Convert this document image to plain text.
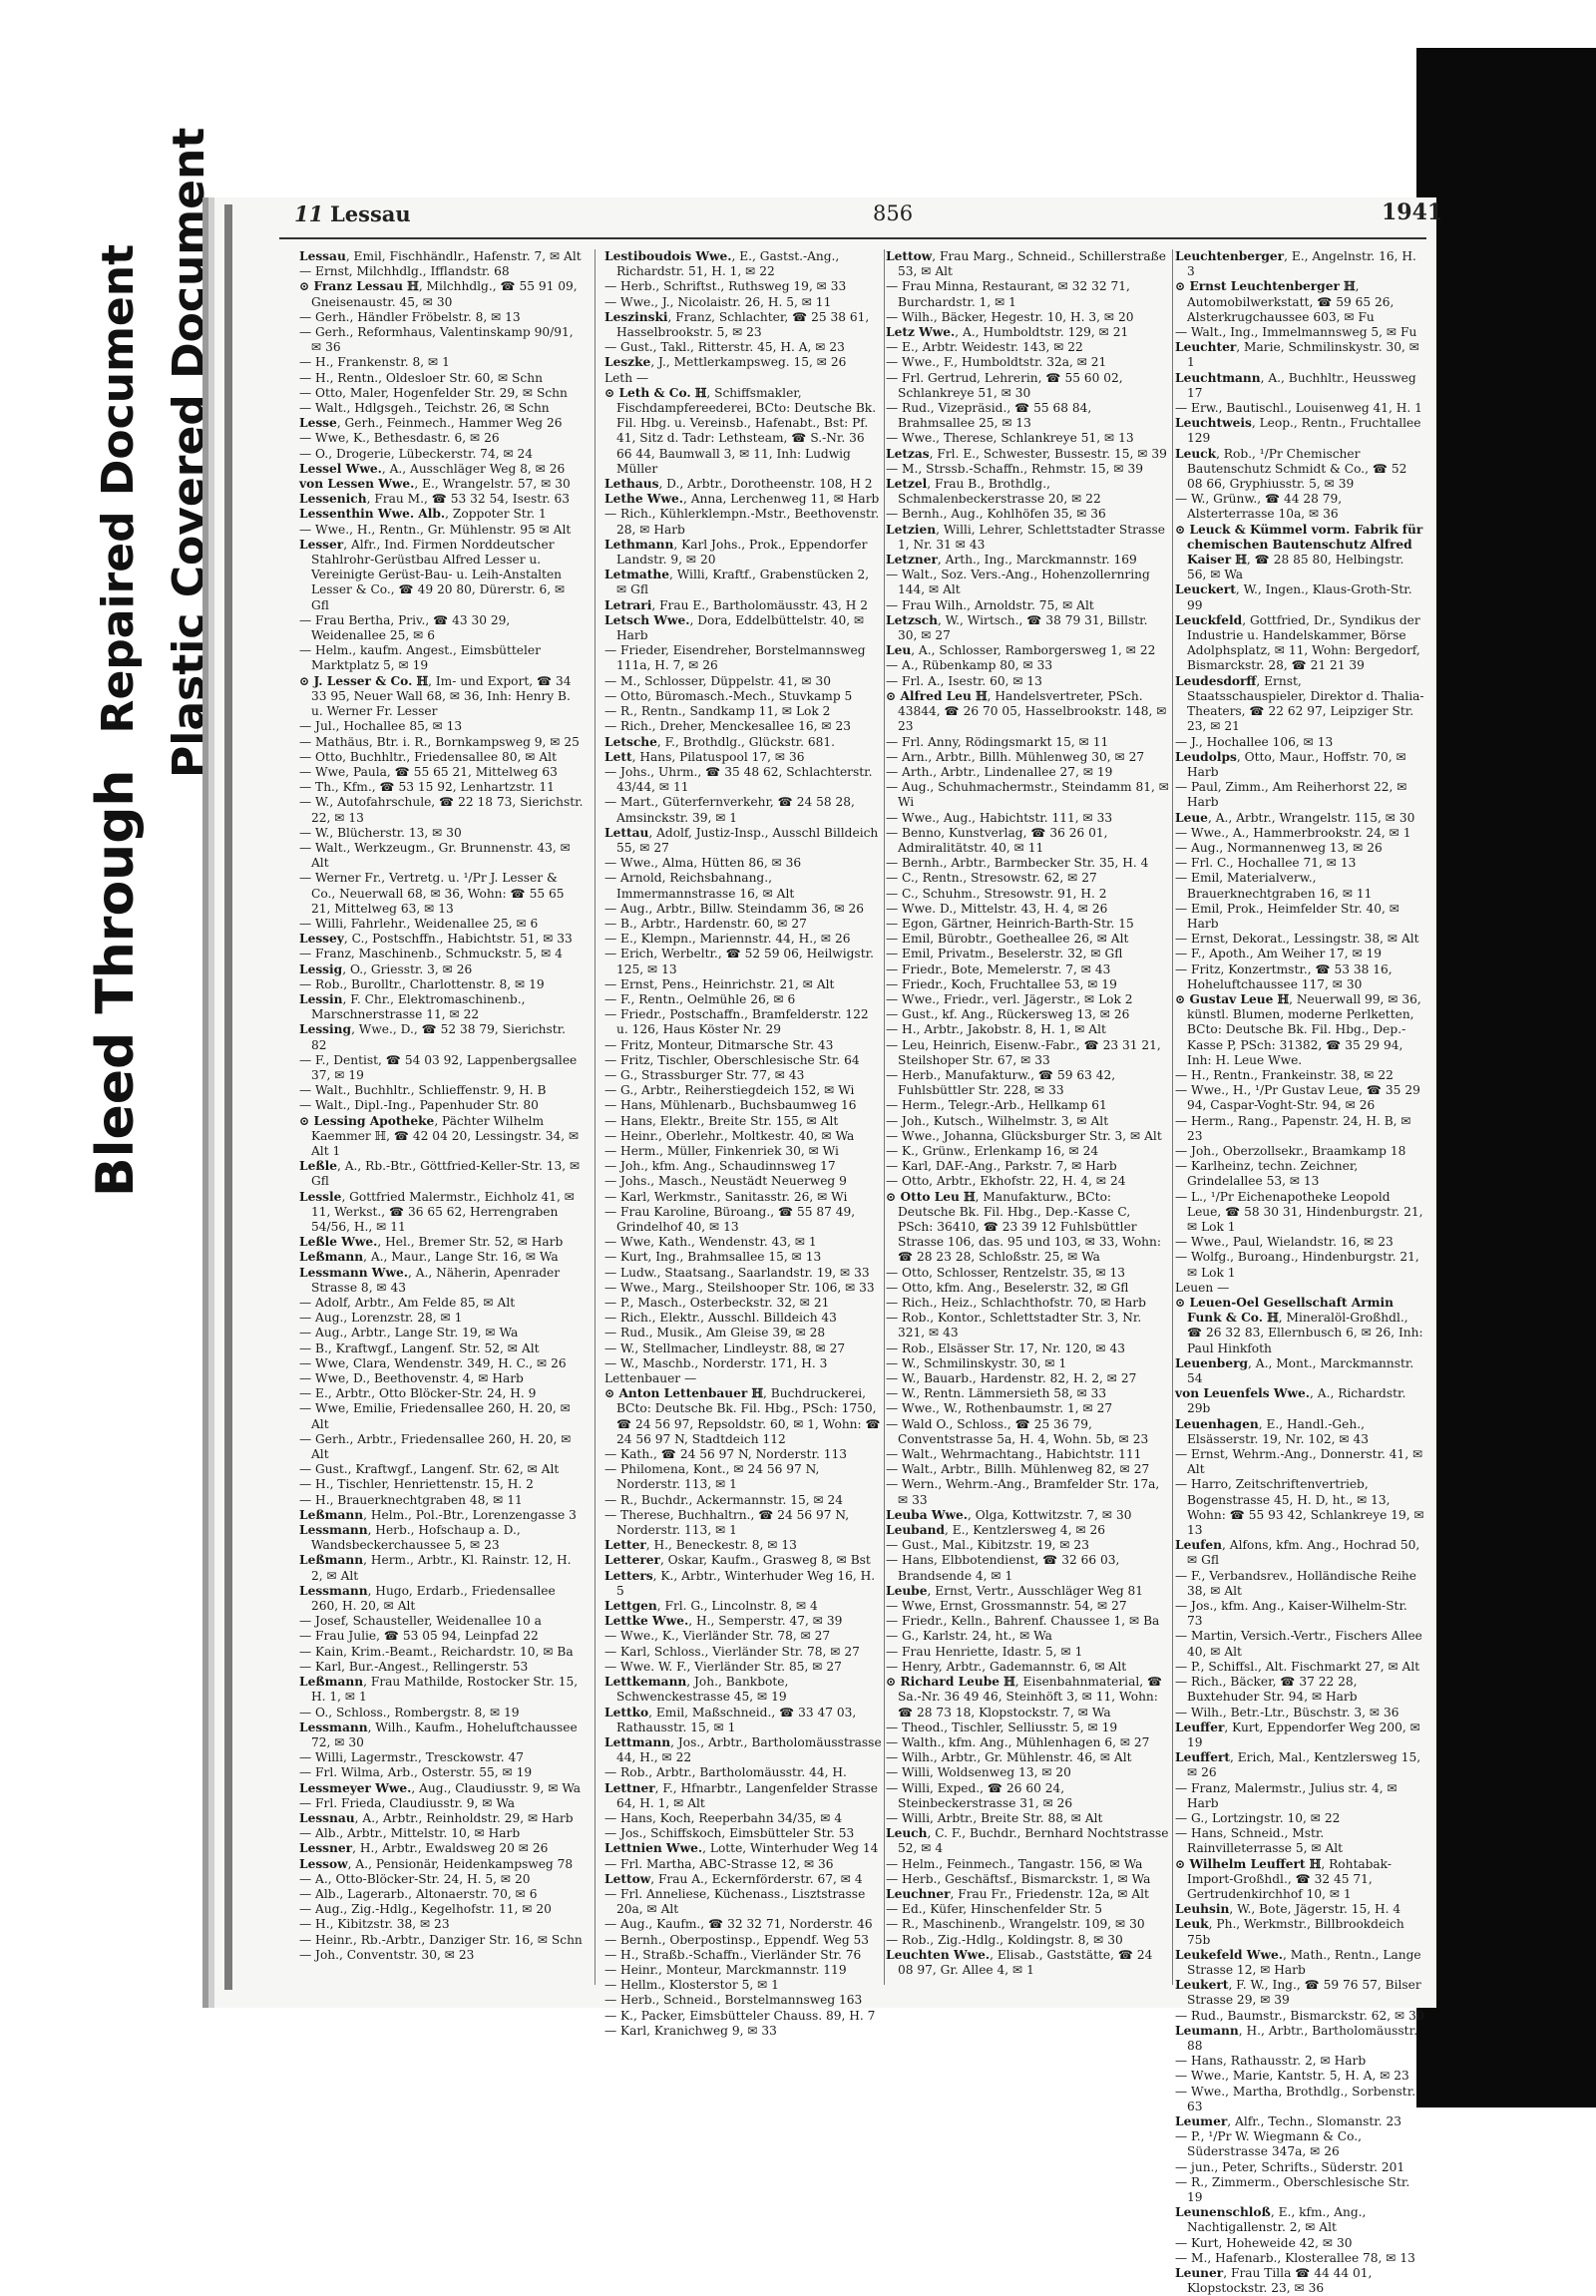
Bleed Through Repaired Document Plastic Covered Document	11 Lessau	856	1941

Lessau, Emil, Fischhändlr., Hafenstr. 7, ✉ Alt

— Ernst, Milchhdlg., Ifflandstr. 68

⊙ Franz Lessau ℍ, Milchhdlg., ☎ 55 91 09, Gneisenaustr. 45, ✉ 30

— Gerh., Händler Fröbelstr. 8, ✉ 13

— Gerh., Reformhaus, Valentinskamp 90/91, ✉ 36

— H., Frankenstr. 8, ✉ 1

— H., Rentn., Oldesloer Str. 60, ✉ Schn

— Otto, Maler, Hogenfelder Str. 29, ✉ Schn

— Walt., Hdlgsgeh., Teichstr. 26, ✉ Schn

Lesse, Gerh., Feinmech., Hammer Weg 26

— Wwe, K., Bethesdastr. 6, ✉ 26

— O., Drogerie, Lübeckerstr. 74, ✉ 24

Lessel Wwe., A., Ausschläger Weg 8, ✉ 26

von Lessen Wwe., E., Wrangelstr. 57, ✉ 30

Lessenich, Frau M., ☎ 53 32 54, Isestr. 63

Lessenthin Wwe. Alb., Zoppoter Str. 1

— Wwe., H., Rentn., Gr. Mühlenstr. 95 ✉ Alt

Lesser, Alfr., Ind. Firmen Norddeutscher Stahlrohr-Gerüstbau Alfred Lesser u. Vereinigte Gerüst-Bau- u. Leih-Anstalten Lesser & Co., ☎ 49 20 80, Dürerstr. 6, ✉ Gfl

— Frau Bertha, Priv., ☎ 43 30 29, Weidenallee 25, ✉ 6

— Helm., kaufm. Angest., Eimsbütteler Marktplatz 5, ✉ 19

⊙ J. Lesser & Co. ℍ, Im- und Export, ☎ 34 33 95, Neuer Wall 68, ✉ 36, Inh: Henry B. u. Werner Fr. Lesser

— Jul., Hochallee 85, ✉ 13

— Mathäus, Btr. i. R., Bornkampsweg 9, ✉ 25

— Otto, Buchhltr., Friedensallee 80, ✉ Alt

— Wwe, Paula, ☎ 55 65 21, Mittelweg 63

— Th., Kfm., ☎ 53 15 92, Lenhartzstr. 11

— W., Autofahrschule, ☎ 22 18 73, Sierichstr. 22, ✉ 13

— W., Blücherstr. 13, ✉ 30

— Walt., Werkzeugm., Gr. Brunnenstr. 43, ✉ Alt

— Werner Fr., Vertretg. u. ¹/Pr J. Lesser & Co., Neuerwall 68, ✉ 36, Wohn: ☎ 55 65 21, Mittelweg 63, ✉ 13

— Willi, Fahrlehr., Weidenallee 25, ✉ 6

Lessey, C., Postschffn., Habichtstr. 51, ✉ 33

— Franz, Maschinenb., Schmuckstr. 5, ✉ 4

Lessig, O., Griesstr. 3, ✉ 26

— Rob., Burolltr., Charlottenstr. 8, ✉ 19

Lessin, F. Chr., Elektromaschinenb., Marschnerstrasse 11, ✉ 22

Lessing, Wwe., D., ☎ 52 38 79, Sierichstr. 82

— F., Dentist, ☎ 54 03 92, Lappenbergsallee 37, ✉ 19

— Walt., Buchhltr., Schlieffenstr. 9, H. B

— Walt., Dipl.-Ing., Papenhuder Str. 80

⊙ Lessing Apotheke, Pächter Wilhelm Kaemmer ℍ, ☎ 42 04 20, Lessingstr. 34, ✉ Alt 1

Leßle, A., Rb.-Btr., Göttfried-Keller-Str. 13, ✉ Gfl

Lessle, Gottfried Malermstr., Eichholz 41, ✉ 11, Werkst., ☎ 36 65 62, Herrengraben 54/56, H., ✉ 11

Leßle Wwe., Hel., Bremer Str. 52, ✉ Harb

Leßmann, A., Maur., Lange Str. 16, ✉ Wa

Lessmann Wwe., A., Näherin, Apenrader Strasse 8, ✉ 43

— Adolf, Arbtr., Am Felde 85, ✉ Alt

— Aug., Lorenzstr. 28, ✉ 1

— Aug., Arbtr., Lange Str. 19, ✉ Wa

— B., Kraftwgf., Langenf. Str. 52, ✉ Alt

— Wwe, Clara, Wendenstr. 349, H. C., ✉ 26

— Wwe, D., Beethovenstr. 4, ✉ Harb

— E., Arbtr., Otto Blöcker-Str. 24, H. 9

— Wwe, Emilie, Friedensallee 260, H. 20, ✉ Alt

— Gerh., Arbtr., Friedensallee 260, H. 20, ✉ Alt

— Gust., Kraftwgf., Langenf. Str. 62, ✉ Alt

— H., Tischler, Henriettenstr. 15, H. 2

— H., Brauerknechtgraben 48, ✉ 11

Leßmann, Helm., Pol.-Btr., Lorenzengasse 3

Lessmann, Herb., Hofschaup a. D., Wandsbeckerchaussee 5, ✉ 23

Leßmann, Herm., Arbtr., Kl. Rainstr. 12, H. 2, ✉ Alt

Lessmann, Hugo, Erdarb., Friedensallee 260, H. 20, ✉ Alt

— Josef, Schausteller, Weidenallee 10 a

— Frau Julie, ☎ 53 05 94, Leinpfad 22

— Kain, Krim.-Beamt., Reichardstr. 10, ✉ Ba

— Karl, Bur.-Angest., Rellingerstr. 53

Leßmann, Frau Mathilde, Rostocker Str. 15, H. 1, ✉ 1

— O., Schloss., Rombergstr. 8, ✉ 19

Lessmann, Wilh., Kaufm., Hoheluftchaussee 72, ✉ 30

— Willi, Lagermstr., Tresckowstr. 47

— Frl. Wilma, Arb., Osterstr. 55, ✉ 19

Lessmeyer Wwe., Aug., Claudiusstr. 9, ✉ Wa

— Frl. Frieda, Claudiusstr. 9, ✉ Wa

Lessnau, A., Arbtr., Reinholdstr. 29, ✉ Harb

— Alb., Arbtr., Mittelstr. 10, ✉ Harb

Lessner, H., Arbtr., Ewaldsweg 20 ✉ 26

Lessow, A., Pensionär, Heidenkampsweg 78

— A., Otto-Blöcker-Str. 24, H. 5, ✉ 20

— Alb., Lagerarb., Altonaerstr. 70, ✉ 6

— Aug., Zig.-Hdlg., Kegelhofstr. 11, ✉ 20

— H., Kibitzstr. 38, ✉ 23

— Heinr., Rb.-Arbtr., Danziger Str. 16, ✉ Schn

— Joh., Conventstr. 30, ✉ 23

Lestiboudois Wwe., E., Gastst.-Ang., Richardstr. 51, H. 1, ✉ 22

— Herb., Schriftst., Ruthsweg 19, ✉ 33

— Wwe., J., Nicolaistr. 26, H. 5, ✉ 11

Leszinski, Franz, Schlachter, ☎ 25 38 61, Hasselbrookstr. 5, ✉ 23

— Gust., Takl., Ritterstr. 45, H. A, ✉ 23

Leszke, J., Mettlerkampsweg. 15, ✉ 26

Leth —

⊙ Leth & Co. ℍ, Schiffsmakler, Fischdampfereederei, BCto: Deutsche Bk. Fil. Hbg. u. Vereinsb., Hafenabt., Bst: Pf. 41, Sitz d. Tadr: Lethsteam, ☎ S.-Nr. 36 66 44, Baumwall 3, ✉ 11, Inh: Ludwig Müller

Lethaus, D., Arbtr., Dorotheenstr. 108, H 2

Lethe Wwe., Anna, Lerchenweg 11, ✉ Harb

— Rich., Kühlerklempn.-Mstr., Beethovenstr. 28, ✉ Harb

Lethmann, Karl Johs., Prok., Eppendorfer Landstr. 9, ✉ 20

Letmathe, Willi, Kraftf., Grabenstücken 2, ✉ Gfl

Letrari, Frau E., Bartholomäusstr. 43, H 2

Letsch Wwe., Dora, Eddelbüttelstr. 40, ✉ Harb

— Frieder, Eisendreher, Borstelmannsweg 111a, H. 7, ✉ 26

— M., Schlosser, Düppelstr. 41, ✉ 30

— Otto, Büromasch.-Mech., Stuvkamp 5

— R., Rentn., Sandkamp 11, ✉ Lok 2

— Rich., Dreher, Menckesallee 16, ✉ 23

Letsche, F., Brothdlg., Glückstr. 681.

Lett, Hans, Pilatuspool 17, ✉ 36

— Johs., Uhrm., ☎ 35 48 62, Schlachterstr. 43/44, ✉ 11

— Mart., Güterfernverkehr, ☎ 24 58 28, Amsinckstr. 39, ✉ 1

Lettau, Adolf, Justiz-Insp., Ausschl Billdeich 55, ✉ 27

— Wwe., Alma, Hütten 86, ✉ 36

— Arnold, Reichsbahnang., Immermannstrasse 16, ✉ Alt

— Aug., Arbtr., Billw. Steindamm 36, ✉ 26

— B., Arbtr., Hardenstr. 60, ✉ 27

— E., Klempn., Mariennstr. 44, H., ✉ 26

— Erich, Werbeltr., ☎ 52 59 06, Heilwigstr. 125, ✉ 13

— Ernst, Pens., Heinrichstr. 21, ✉ Alt

— F., Rentn., Oelmühle 26, ✉ 6

— Friedr., Postschaffn., Bramfelderstr. 122 u. 126, Haus Köster Nr. 29

— Fritz, Monteur, Ditmarsche Str. 43

— Fritz, Tischler, Oberschlesische Str. 64

— G., Strassburger Str. 77, ✉ 43

— G., Arbtr., Reiherstiegdeich 152, ✉ Wi

— Hans, Mühlenarb., Buchsbaumweg 16

— Hans, Elektr., Breite Str. 155, ✉ Alt

— Heinr., Oberlehr., Moltkestr. 40, ✉ Wa

— Herm., Müller, Finkenriek 30, ✉ Wi

— Joh., kfm. Ang., Schaudinnsweg 17

— Johs., Masch., Neustädt Neuerweg 9

— Karl, Werkmstr., Sanitasstr. 26, ✉ Wi

— Frau Karoline, Büroang., ☎ 55 87 49, Grindelhof 40, ✉ 13

— Wwe, Kath., Wendenstr. 43, ✉ 1

— Kurt, Ing., Brahmsallee 15, ✉ 13

— Ludw., Staatsang., Saarlandstr. 19, ✉ 33

— Wwe., Marg., Steilshooper Str. 106, ✉ 33

— P., Masch., Osterbeckstr. 32, ✉ 21

— Rich., Elektr., Ausschl. Billdeich 43

— Rud., Musik., Am Gleise 39, ✉ 28

— W., Stellmacher, Lindleystr. 88, ✉ 27

— W., Maschb., Norderstr. 171, H. 3

Lettenbauer —

⊙ Anton Lettenbauer ℍ, Buchdruckerei, BCto: Deutsche Bk. Fil. Hbg., PSch: 1750, ☎ 24 56 97, Repsoldstr. 60, ✉ 1, Wohn: ☎ 24 56 97 N, Stadtdeich 112

— Kath., ☎ 24 56 97 N, Norderstr. 113

— Philomena, Kont., ✉ 24 56 97 N, Norderstr. 113, ✉ 1

— R., Buchdr., Ackermannstr. 15, ✉ 24

— Therese, Buchhaltrn., ☎ 24 56 97 N, Norderstr. 113, ✉ 1

Letter, H., Beneckestr. 8, ✉ 13

Letterer, Oskar, Kaufm., Grasweg 8, ✉ Bst

Letters, K., Arbtr., Winterhuder Weg 16, H. 5

Lettgen, Frl. G., Lincolnstr. 8, ✉ 4

Lettke Wwe., H., Semperstr. 47, ✉ 39

— Wwe., K., Vierländer Str. 78, ✉ 27

— Karl, Schloss., Vierländer Str. 78, ✉ 27

— Wwe. W. F., Vierländer Str. 85, ✉ 27

Lettkemann, Joh., Bankbote, Schwenckestrasse 45, ✉ 19

Lettko, Emil, Maßschneid., ☎ 33 47 03, Rathausstr. 15, ✉ 1

Lettmann, Jos., Arbtr., Bartholomäusstrasse 44, H., ✉ 22

— Rob., Arbtr., Bartholomäusstr. 44, H.

Lettner, F., Hfnarbtr., Langenfelder Strasse 64, H. 1, ✉ Alt

— Hans, Koch, Reeperbahn 34/35, ✉ 4

— Jos., Schiffskoch, Eimsbütteler Str. 53

Lettnien Wwe., Lotte, Winterhuder Weg 14

— Frl. Martha, ABC-Strasse 12, ✉ 36

Lettow, Frau A., Eckernförderstr. 67, ✉ 4

— Frl. Anneliese, Küchenass., Lisztstrasse 20a, ✉ Alt

— Aug., Kaufm., ☎ 32 32 71, Norderstr. 46

— Bernh., Oberpostinsp., Eppendf. Weg 53

— H., Straßb.-Schaffn., Vierländer Str. 76

— Heinr., Monteur, Marckmannstr. 119

— Hellm., Klosterstor 5, ✉ 1

— Herb., Schneid., Borstelmannsweg 163

— K., Packer, Eimsbütteler Chauss. 89, H. 7

— Karl, Kranichweg 9, ✉ 33

Lettow, Frau Marg., Schneid., Schillerstraße 53, ✉ Alt

— Frau Minna, Restaurant, ✉ 32 32 71, Burchardstr. 1, ✉ 1

— Wilh., Bäcker, Hegestr. 10, H. 3, ✉ 20

Letz Wwe., A., Humboldtstr. 129, ✉ 21

— E., Arbtr. Weidestr. 143, ✉ 22

— Wwe., F., Humboldtstr. 32a, ✉ 21

— Frl. Gertrud, Lehrerin, ☎ 55 60 02, Schlankreye 51, ✉ 30

— Rud., Vizepräsid., ☎ 55 68 84, Brahmsallee 25, ✉ 13

— Wwe., Therese, Schlankreye 51, ✉ 13

Letzas, Frl. E., Schwester, Bussestr. 15, ✉ 39

— M., Strssb.-Schaffn., Rehmstr. 15, ✉ 39

Letzel, Frau B., Brothdlg., Schmalenbeckerstrasse 20, ✉ 22

— Bernh., Aug., Kohlhöfen 35, ✉ 36

Letzien, Willi, Lehrer, Schlettstadter Strasse 1, Nr. 31 ✉ 43

Letzner, Arth., Ing., Marckmannstr. 169

— Walt., Soz. Vers.-Ang., Hohenzollernring 144, ✉ Alt

— Frau Wilh., Arnoldstr. 75, ✉ Alt

Letzsch, W., Wirtsch., ☎ 38 79 31, Billstr. 30, ✉ 27

Leu, A., Schlosser, Ramborgersweg 1, ✉ 22

— A., Rübenkamp 80, ✉ 33

— Frl. A., Isestr. 60, ✉ 13

⊙ Alfred Leu ℍ, Handelsvertreter, PSch. 43844, ☎ 26 70 05, Hasselbrookstr. 148, ✉ 23

— Frl. Anny, Rödingsmarkt 15, ✉ 11

— Arn., Arbtr., Billh. Mühlenweg 30, ✉ 27

— Arth., Arbtr., Lindenallee 27, ✉ 19

— Aug., Schuhmachermstr., Steindamm 81, ✉ Wi

— Wwe., Aug., Habichtstr. 111, ✉ 33

— Benno, Kunstverlag, ☎ 36 26 01, Admiralitätstr. 40, ✉ 11

— Bernh., Arbtr., Barmbecker Str. 35, H. 4

— C., Rentn., Stresowstr. 62, ✉ 27

— C., Schuhm., Stresowstr. 91, H. 2

— Wwe. D., Mittelstr. 43, H. 4, ✉ 26

— Egon, Gärtner, Heinrich-Barth-Str. 15

— Emil, Bürobtr., Goetheallee 26, ✉ Alt

— Emil, Privatm., Beselerstr. 32, ✉ Gfl

— Friedr., Bote, Memelerstr. 7, ✉ 43

— Friedr., Koch, Fruchtallee 53, ✉ 19

— Wwe., Friedr., verl. Jägerstr., ✉ Lok 2

— Gust., kf. Ang., Rückersweg 13, ✉ 26

— H., Arbtr., Jakobstr. 8, H. 1, ✉ Alt

— Leu, Heinrich, Eisenw.-Fabr., ☎ 23 31 21, Steilshoper Str. 67, ✉ 33

— Herb., Manufakturw., ☎ 59 63 42, Fuhlsbüttler Str. 228, ✉ 33

— Herm., Telegr.-Arb., Hellkamp 61

— Joh., Kutsch., Wilhelmstr. 3, ✉ Alt

— Wwe., Johanna, Glücksburger Str. 3, ✉ Alt

— K., Grünw., Erlenkamp 16, ✉ 24

— Karl, DAF.-Ang., Parkstr. 7, ✉ Harb

— Otto, Arbtr., Ekhofstr. 22, H. 4, ✉ 24

⊙ Otto Leu ℍ, Manufakturw., BCto: Deutsche Bk. Fil. Hbg., Dep.-Kasse C, PSch: 36410, ☎ 23 39 12 Fuhlsbüttler Strasse 106, das. 95 und 103, ✉ 33, Wohn: ☎ 28 23 28, Schloßstr. 25, ✉ Wa

— Otto, Schlosser, Rentzelstr. 35, ✉ 13

— Otto, kfm. Ang., Beselerstr. 32, ✉ Gfl

— Rich., Heiz., Schlachthofstr. 70, ✉ Harb

— Rob., Kontor., Schlettstadter Str. 3, Nr. 321, ✉ 43

— Rob., Elsässer Str. 17, Nr. 120, ✉ 43

— W., Schmilinskystr. 30, ✉ 1

— W., Bauarb., Hardenstr. 82, H. 2, ✉ 27

— W., Rentn. Lämmersieth 58, ✉ 33

— Wwe., W., Rothenbaumstr. 1, ✉ 27

— Wald O., Schloss., ☎ 25 36 79, Conventstrasse 5a, H. 4, Wohn. 5b, ✉ 23

— Walt., Wehrmachtang., Habichtstr. 111

— Walt., Arbtr., Billh. Mühlenweg 82, ✉ 27

— Wern., Wehrm.-Ang., Bramfelder Str. 17a, ✉ 33

Leuba Wwe., Olga, Kottwitzstr. 7, ✉ 30

Leuband, E., Kentzlersweg 4, ✉ 26

— Gust., Mal., Kibitzstr. 19, ✉ 23

— Hans, Elbbotendienst, ☎ 32 66 03, Brandsende 4, ✉ 1

Leube, Ernst, Vertr., Ausschläger Weg 81

— Wwe, Ernst, Grossmannstr. 54, ✉ 27

— Friedr., Kelln., Bahrenf. Chaussee 1, ✉ Ba

— G., Karlstr. 24, ht., ✉ Wa

— Frau Henriette, Idastr. 5, ✉ 1

— Henry, Arbtr., Gademannstr. 6, ✉ Alt

⊙ Richard Leube ℍ, Eisenbahnmaterial, ☎ Sa.-Nr. 36 49 46, Steinhöft 3, ✉ 11, Wohn: ☎ 28 73 18, Klopstockstr. 7, ✉ Wa

— Theod., Tischler, Selliusstr. 5, ✉ 19

— Walth., kfm. Ang., Mühlenhagen 6, ✉ 27

— Wilh., Arbtr., Gr. Mühlenstr. 46, ✉ Alt

— Willi, Woldsenweg 13, ✉ 20

— Willi, Exped., ☎ 26 60 24, Steinbeckerstrasse 31, ✉ 26

— Willi, Arbtr., Breite Str. 88, ✉ Alt

Leuch, C. F., Buchdr., Bernhard Nochtstrasse 52, ✉ 4

— Helm., Feinmech., Tangastr. 156, ✉ Wa

— Herb., Geschäftsf., Bismarckstr. 1, ✉ Wa

Leuchner, Frau Fr., Friedenstr. 12a, ✉ Alt

— Ed., Küfer, Hinschenfelder Str. 5

— R., Maschinenb., Wrangelstr. 109, ✉ 30

— Rob., Zig.-Hdlg., Koldingstr. 8, ✉ 30

Leuchten Wwe., Elisab., Gaststätte, ☎ 24 08 97, Gr. Allee 4, ✉ 1

Leuchtenberger, E., Angelnstr. 16, H. 3

⊙ Ernst Leuchtenberger ℍ, Automobilwerkstatt, ☎ 59 65 26, Alsterkrugchaussee 603, ✉ Fu

— Walt., Ing., Immelmannsweg 5, ✉ Fu

Leuchter, Marie, Schmilinskystr. 30, ✉ 1

Leuchtmann, A., Buchhltr., Heussweg 17

— Erw., Bautischl., Louisenweg 41, H. 1

Leuchtweis, Leop., Rentn., Fruchtallee 129

Leuck, Rob., ¹/Pr Chemischer Bautenschutz Schmidt & Co., ☎ 52 08 66, Gryphiusstr. 5, ✉ 39

— W., Grünw., ☎ 44 28 79, Alsterterrasse 10a, ✉ 36

⊙ Leuck & Kümmel vorm. Fabrik für chemischen Bautenschutz Alfred Kaiser ℍ, ☎ 28 85 80, Helbingstr. 56, ✉ Wa

Leuckert, W., Ingen., Klaus-Groth-Str. 99

Leuckfeld, Gottfried, Dr., Syndikus der Industrie u. Handelskammer, Börse Adolphsplatz, ✉ 11, Wohn: Bergedorf, Bismarckstr. 28, ☎ 21 21 39

Leudesdorff, Ernst, Staatsschauspieler, Direktor d. Thalia-Theaters, ☎ 22 62 97, Leipziger Str. 23, ✉ 21

— J., Hochallee 106, ✉ 13

Leudolps, Otto, Maur., Hoffstr. 70, ✉ Harb

— Paul, Zimm., Am Reiherhorst 22, ✉ Harb

Leue, A., Arbtr., Wrangelstr. 115, ✉ 30

— Wwe., A., Hammerbrookstr. 24, ✉ 1

— Aug., Normannenweg 13, ✉ 26

— Frl. C., Hochallee 71, ✉ 13

— Emil, Materialverw., Brauerknechtgraben 16, ✉ 11

— Emil, Prok., Heimfelder Str. 40, ✉ Harb

— Ernst, Dekorat., Lessingstr. 38, ✉ Alt

— F., Apoth., Am Weiher 17, ✉ 19

— Fritz, Konzertmstr., ☎ 53 38 16, Hoheluftchaussee 117, ✉ 30

⊙ Gustav Leue ℍ, Neuerwall 99, ✉ 36, künstl. Blumen, moderne Perlketten, BCto: Deutsche Bk. Fil. Hbg., Dep.-Kasse P, PSch: 31382, ☎ 35 29 94, Inh: H. Leue Wwe.

— H., Rentn., Frankeinstr. 38, ✉ 22

— Wwe., H., ¹/Pr Gustav Leue, ☎ 35 29 94, Caspar-Voght-Str. 94, ✉ 26

— Herm., Rang., Papenstr. 24, H. B, ✉ 23

— Joh., Oberzollsekr., Braamkamp 18

— Karlheinz, techn. Zeichner, Grindelallee 53, ✉ 13

— L., ¹/Pr Eichenapotheke Leopold Leue, ☎ 58 30 31, Hindenburgstr. 21, ✉ Lok 1

— Wwe., Paul, Wielandstr. 16, ✉ 23

— Wolfg., Buroang., Hindenburgstr. 21, ✉ Lok 1

Leuen —

⊙ Leuen-Oel Gesellschaft Armin Funk & Co. ℍ, Mineralöl-Großhdl., ☎ 26 32 83, Ellernbusch 6, ✉ 26, Inh: Paul Hinkfoth

Leuenberg, A., Mont., Marckmannstr. 54

von Leuenfels Wwe., A., Richardstr. 29b

Leuenhagen, E., Handl.-Geh., Elsässerstr. 19, Nr. 102, ✉ 43

— Ernst, Wehrm.-Ang., Donnerstr. 41, ✉ Alt

— Harro, Zeitschriftenvertrieb, Bogenstrasse 45, H. D, ht., ✉ 13, Wohn: ☎ 55 93 42, Schlankreye 19, ✉ 13

Leufen, Alfons, kfm. Ang., Hochrad 50, ✉ Gfl

— F., Verbandsrev., Holländische Reihe 38, ✉ Alt

— Jos., kfm. Ang., Kaiser-Wilhelm-Str. 73

— Martin, Versich.-Vertr., Fischers Allee 40, ✉ Alt

— P., Schiffsl., Alt. Fischmarkt 27, ✉ Alt

— Rich., Bäcker, ☎ 37 22 28, Buxtehuder Str. 94, ✉ Harb

— Wilh., Betr.-Ltr., Büschstr. 3, ✉ 36

Leuffer, Kurt, Eppendorfer Weg 200, ✉ 19

Leuffert, Erich, Mal., Kentzlersweg 15, ✉ 26

— Franz, Malermstr., Julius str. 4, ✉ Harb

— G., Lortzingstr. 10, ✉ 22

— Hans, Schneid., Mstr. Rainvilleterrasse 5, ✉ Alt

⊙ Wilhelm Leuffert ℍ, Rohtabak-Import-Großhdl., ☎ 32 45 71, Gertrudenkirchhof 10, ✉ 1

Leuhsin, W., Bote, Jägerstr. 15, H. 4

Leuk, Ph., Werkmstr., Billbrookdeich 75b

Leukefeld Wwe., Math., Rentn., Lange Strasse 12, ✉ Harb

Leukert, F. W., Ing., ☎ 59 76 57, Bilser Strasse 29, ✉ 39

— Rud., Baumstr., Bismarckstr. 62, ✉ 30

Leumann, H., Arbtr., Bartholomäusstr. 88

— Hans, Rathausstr. 2, ✉ Harb

— Wwe., Marie, Kantstr. 5, H. A, ✉ 23

— Wwe., Martha, Brothdlg., Sorbenstr. 63

Leumer, Alfr., Techn., Slomanstr. 23

— P., ¹/Pr W. Wiegmann & Co., Süderstrasse 347a, ✉ 26

— jun., Peter, Schrifts., Süderstr. 201

— R., Zimmerm., Oberschlesische Str. 19

Leunenschloß, E., kfm., Ang., Nachtigallenstr. 2, ✉ Alt

— Kurt, Hoheweide 42, ✉ 30

— M., Hafenarb., Klosterallee 78, ✉ 13

Leuner, Frau Tilla ☎ 44 44 01, Klopstockstr. 23, ✉ 36
